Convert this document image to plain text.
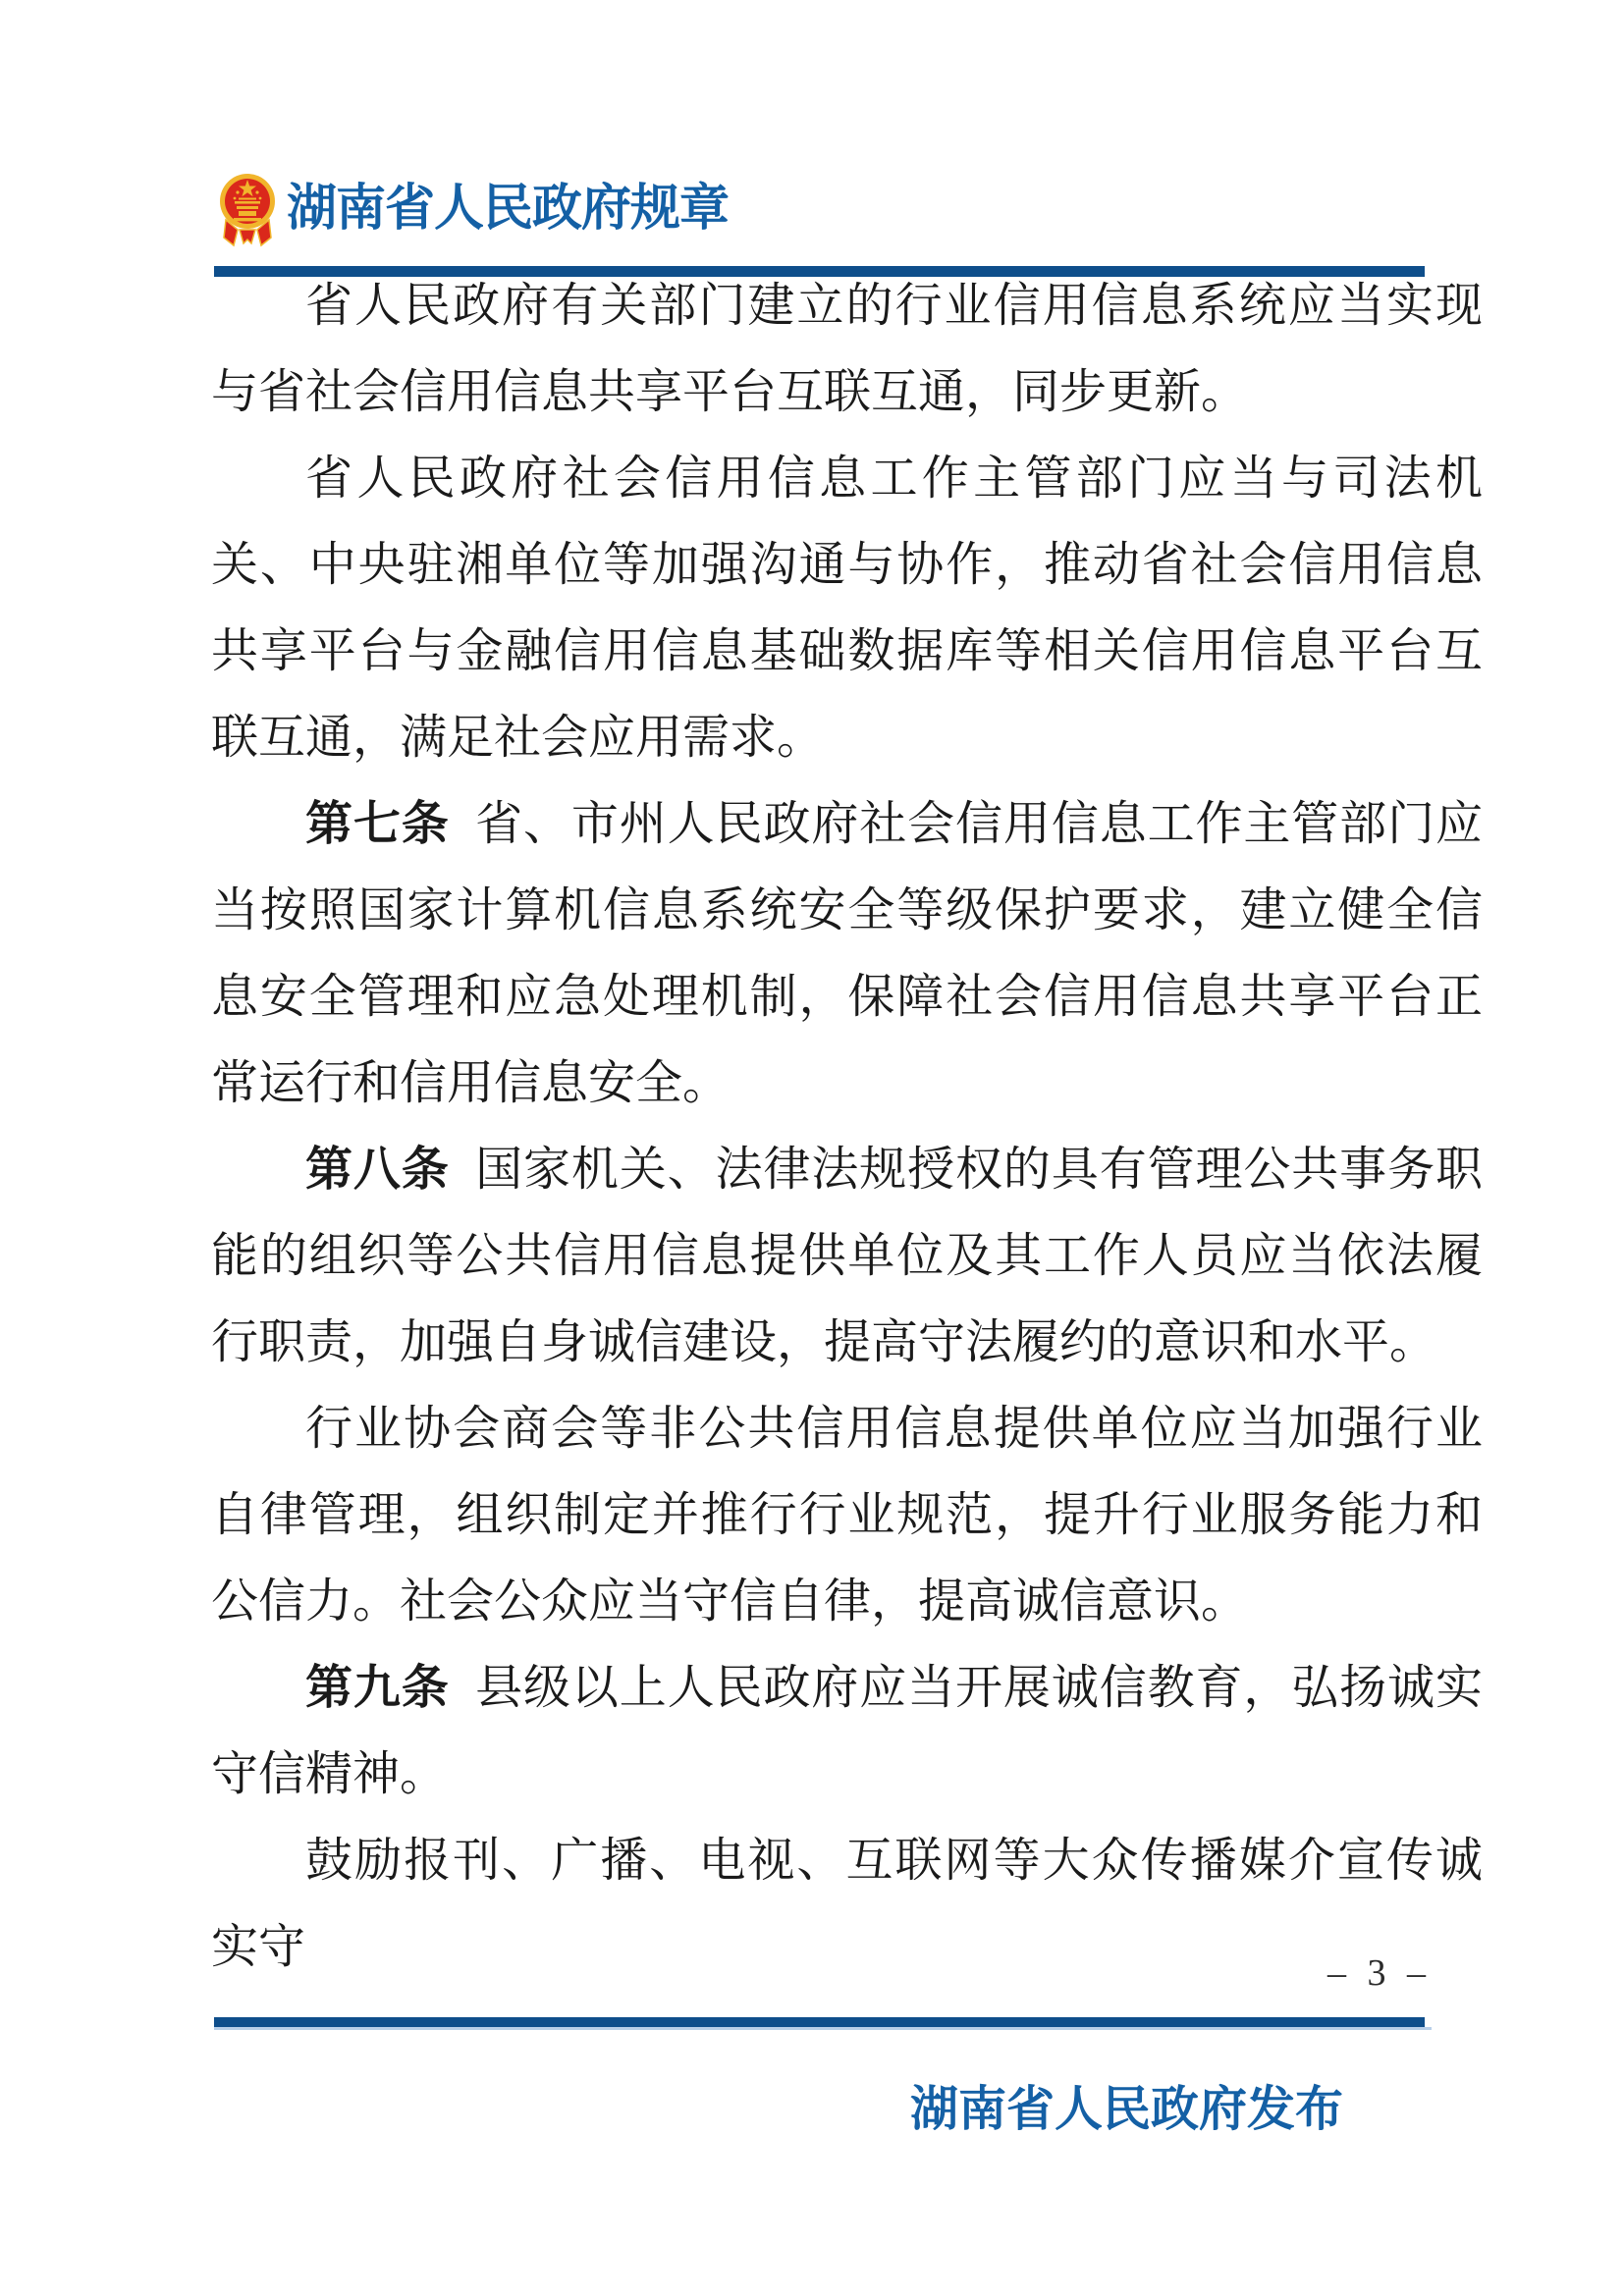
湖南省人民政府规章

省人民政府有关部门建立的行业信用信息系统应当实现与省社会信用信息共享平台互联互通，同步更新。

省人民政府社会信用信息工作主管部门应当与司法机关、中央驻湘单位等加强沟通与协作，推动省社会信用信息共享平台与金融信用信息基础数据库等相关信用信息平台互联互通，满足社会应用需求。

第七条 省、市州人民政府社会信用信息工作主管部门应当按照国家计算机信息系统安全等级保护要求，建立健全信息安全管理和应急处理机制，保障社会信用信息共享平台正常运行和信用信息安全。

第八条 国家机关、法律法规授权的具有管理公共事务职能的组织等公共信用信息提供单位及其工作人员应当依法履行职责，加强自身诚信建设，提高守法履约的意识和水平。

行业协会商会等非公共信用信息提供单位应当加强行业自律管理，组织制定并推行行业规范，提升行业服务能力和公信力。社会公众应当守信自律，提高诚信意识。

第九条 县级以上人民政府应当开展诚信教育，弘扬诚实守信精神。

鼓励报刊、广播、电视、互联网等大众传播媒介宣传诚实守	– 3 –
湖南省人民政府发布
